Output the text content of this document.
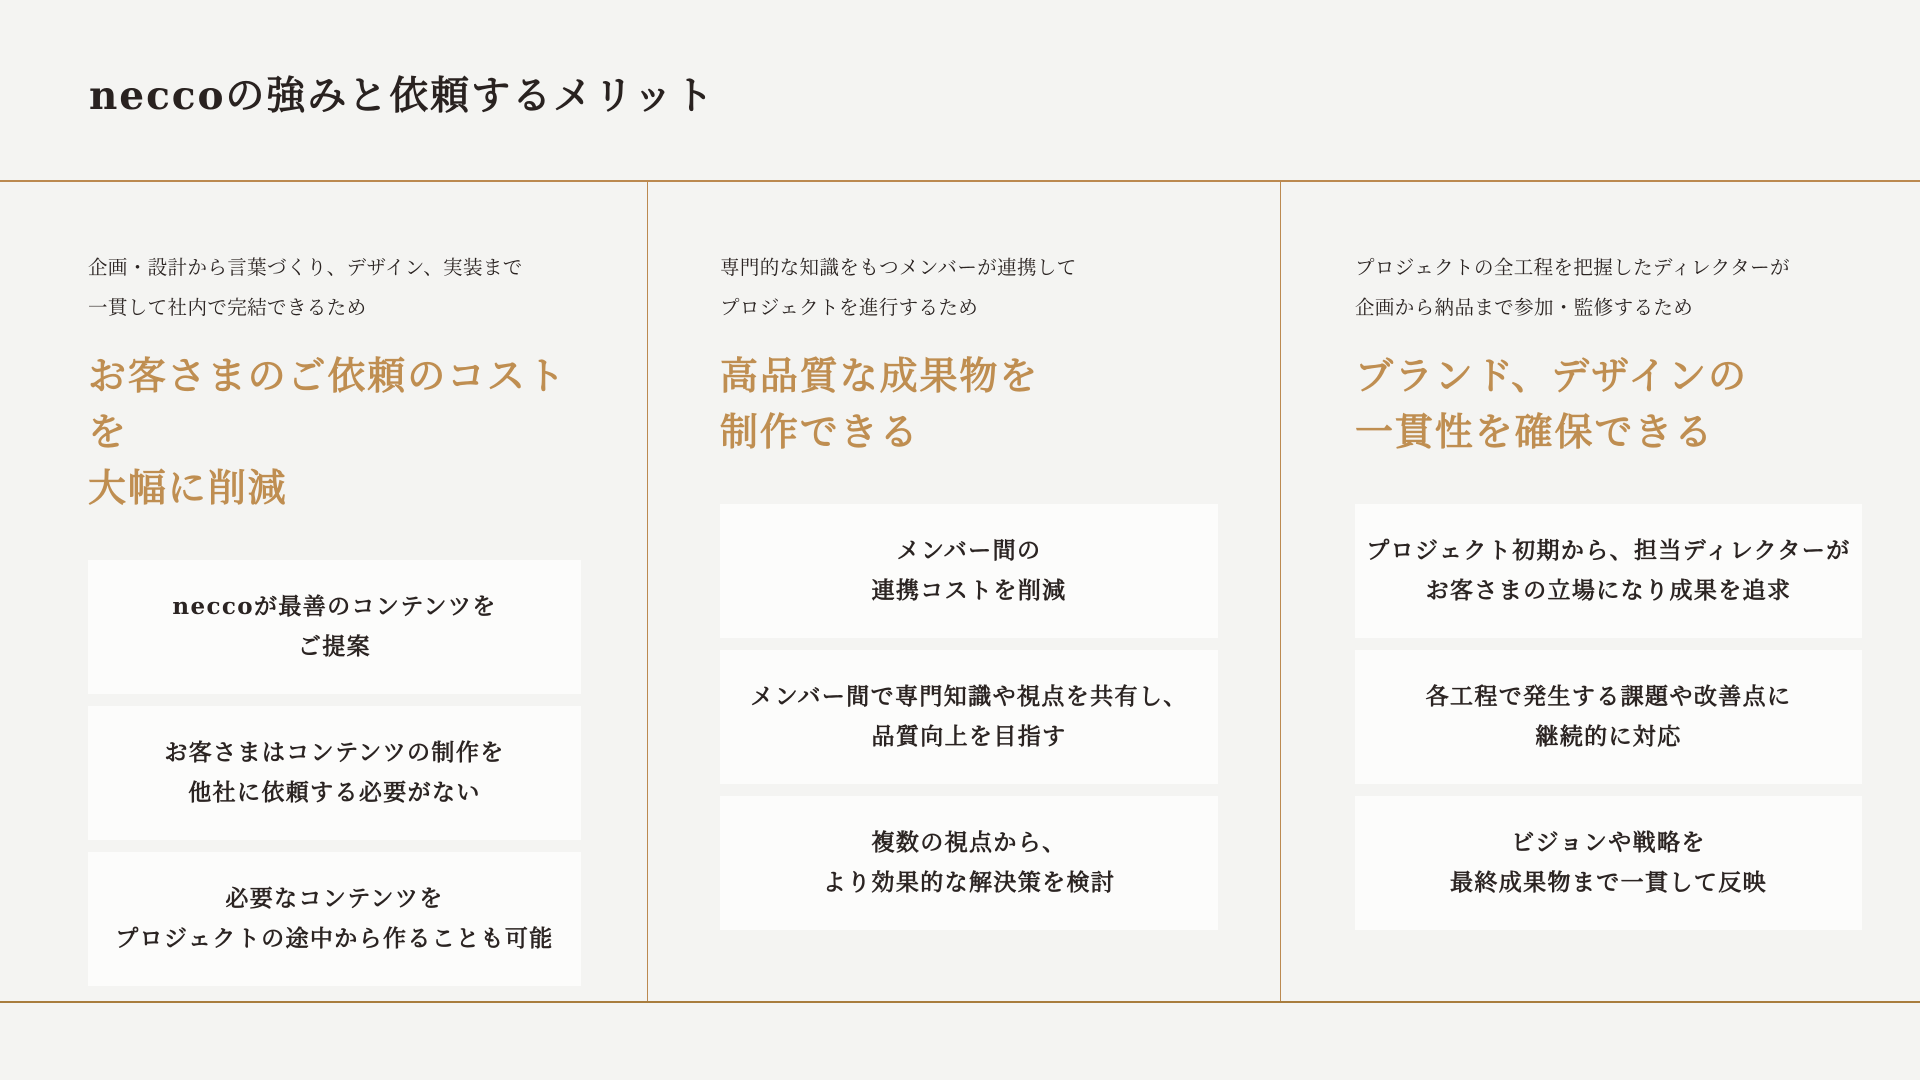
neccoの強みと依頼するメリット
企画・設計から言葉づくり、デザイン、実装まで
一貫して社内で完結できるため
お客さまのご依頼のコストを
大幅に削減
neccoが最善のコンテンツを
ご提案
お客さまはコンテンツの制作を
他社に依頼する必要がない
必要なコンテンツを
プロジェクトの途中から作ることも可能
専門的な知識をもつメンバーが連携して
プロジェクトを進行するため
高品質な成果物を
制作できる
メンバー間の
連携コストを削減
メンバー間で専門知識や視点を共有し、
品質向上を目指す
複数の視点から、
より効果的な解決策を検討
プロジェクトの全工程を把握したディレクターが
企画から納品まで参加・監修するため
ブランド、デザインの
一貫性を確保できる
プロジェクト初期から、担当ディレクターが
お客さまの立場になり成果を追求
各工程で発生する課題や改善点に
継続的に対応
ビジョンや戦略を
最終成果物まで一貫して反映
